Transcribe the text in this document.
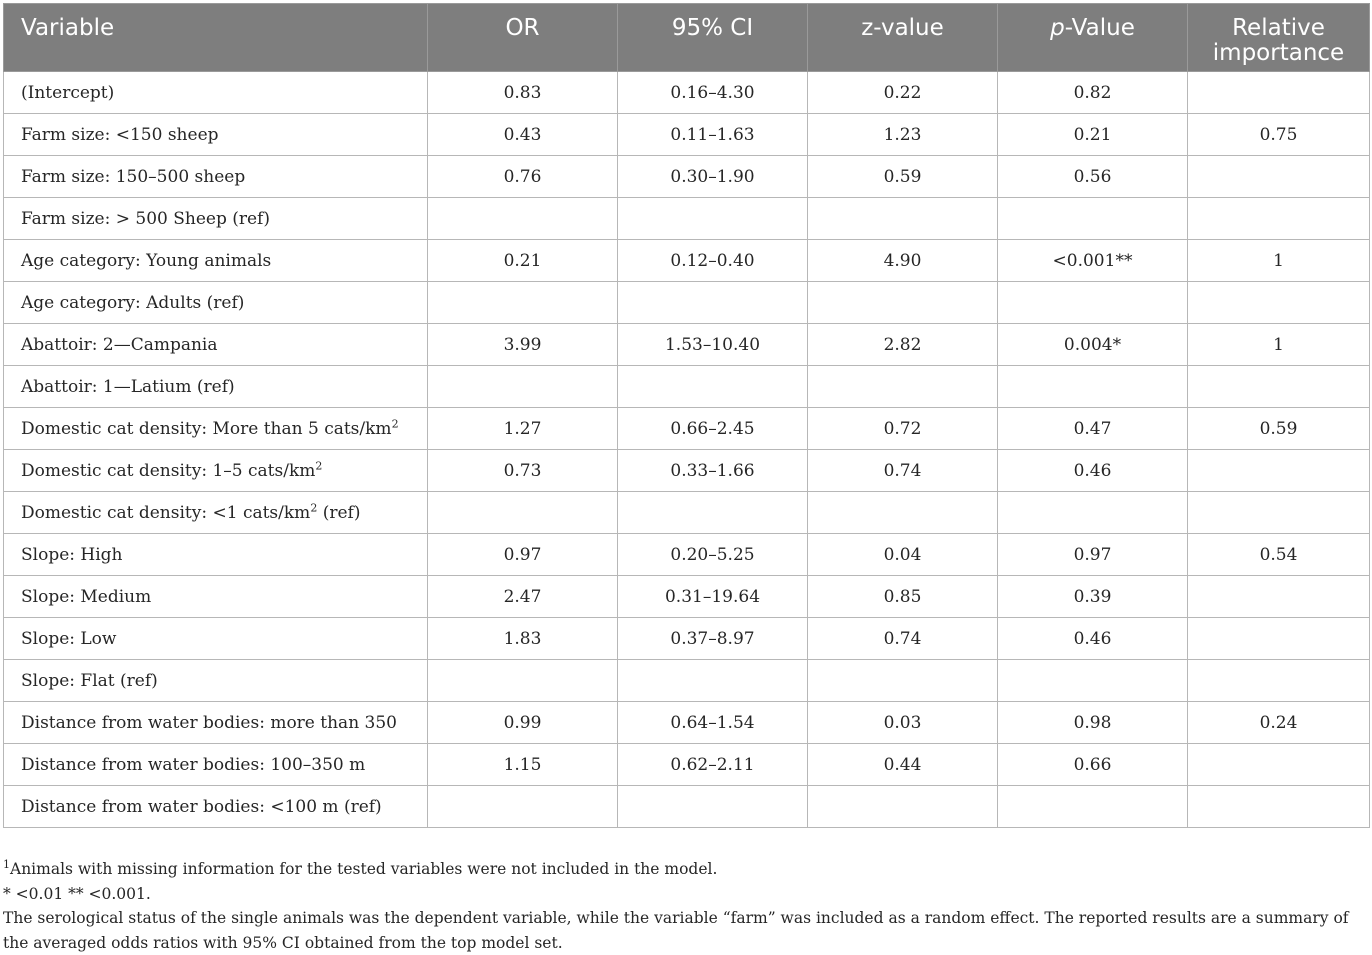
Variable	OR	95% CI	z-value	p-Value	Relative
importance
(Intercept)	0.83	0.16–4.30	0.22	0.82	
Farm size: <150 sheep	0.43	0.11–1.63	1.23	0.21	0.75
Farm size: 150–500 sheep	0.76	0.30–1.90	0.59	0.56	
Farm size: > 500 Sheep (ref)					
Age category: Young animals	0.21	0.12–0.40	4.90	<0.001**	1
Age category: Adults (ref)					
Abattoir: 2—Campania	3.99	1.53–10.40	2.82	0.004*	1
Abattoir: 1—Latium (ref)					
Domestic cat density: More than 5 cats/$km^2$	1.27	0.66–2.45	0.72	0.47	0.59
Domestic cat density: 1–5 cats/$km^2$	0.73	0.33–1.66	0.74	0.46	
Domestic cat density: <1 cats/$km^2$ (ref)					
Slope: High	0.97	0.20–5.25	0.04	0.97	0.54
Slope: Medium	2.47	0.31–19.64	0.85	0.39	
Slope: Low	1.83	0.37–8.97	0.74	0.46	
Slope: Flat (ref)					
Distance from water bodies: more than 350	0.99	0.64–1.54	0.03	0.98	0.24
Distance from water bodies: 100–350 m	1.15	0.62–2.11	0.44	0.66	
Distance from water bodies: <100 m (ref)					

$^1$Animals with missing information for the tested variables were not included in the model.

* <0.01 ** <0.001.

The serological status of the single animals was the dependent variable, while the variable “farm” was included as a random effect. The reported results are a summary of the averaged odds ratios with 95% CI obtained from the top model set.
